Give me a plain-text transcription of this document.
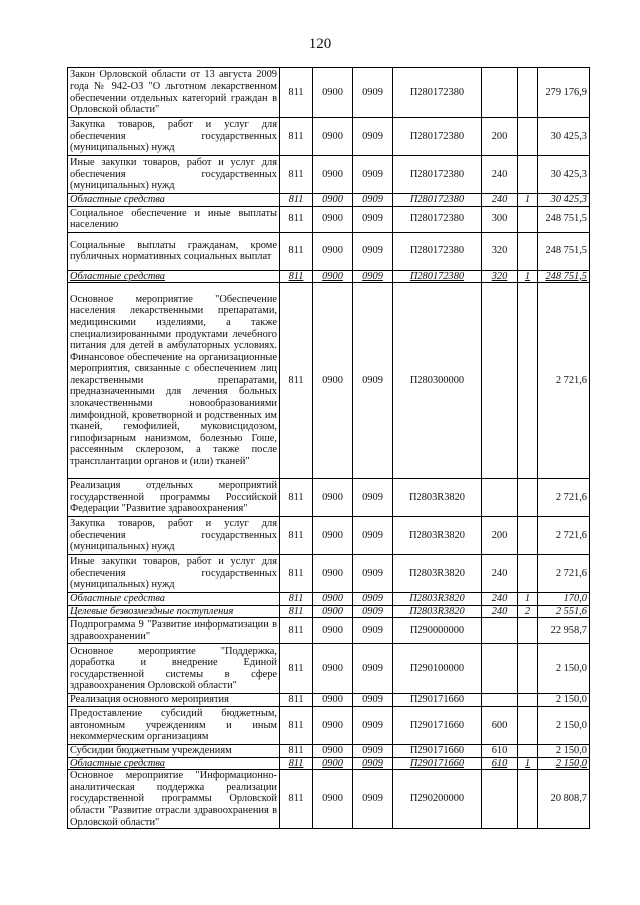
120
Закон Орловской области от 13 августа 2009 года № 942-ОЗ "О льготном лекарственном обеспечении отдельных категорий граждан в Орловской области"	811	0900	0909	П280172380			279 176,9
Закупка товаров, работ и услуг для обеспечения государственных (муниципальных) нужд	811	0900	0909	П280172380	200		30 425,3
Иные закупки товаров, работ и услуг для обеспечения государственных (муниципальных) нужд	811	0900	0909	П280172380	240		30 425,3
Областные средства	811	0900	0909	П280172380	240	1	30 425,3
Социальное обеспечение и иные выплаты населению	811	0900	0909	П280172380	300		248 751,5
Социальные выплаты гражданам, кроме публичных нормативных социальных выплат	811	0900	0909	П280172380	320		248 751,5
Областные средства	811	0900	0909	П280172380	320	1	248 751,5
Основное мероприятие "Обеспечение населения лекарственными препаратами, медицинскими изделиями, а также специализированными продуктами лечебного питания для детей в амбулаторных условиях. Финансовое обеспечение на организационные мероприятия, связанные с обеспечением лиц лекарственными препаратами, предназначенными для лечения больных злокачественными новообразованиями лимфоидной, кроветворной и родственных им тканей, гемофилией, муковисцидозом, гипофизарным нанизмом, болезнью Гоше, рассеянным склерозом, а также после трансплантации органов и (или) тканей"	811	0900	0909	П280300000			2 721,6
Реализация отдельных мероприятий государственной программы Российской Федерации "Развитие здравоохранения"	811	0900	0909	П2803R3820			2 721,6
Закупка товаров, работ и услуг для обеспечения государственных (муниципальных) нужд	811	0900	0909	П2803R3820	200		2 721,6
Иные закупки товаров, работ и услуг для обеспечения государственных (муниципальных) нужд	811	0900	0909	П2803R3820	240		2 721,6
Областные средства	811	0900	0909	П2803R3820	240	1	170,0
Целевые безвозмездные поступления	811	0900	0909	П2803R3820	240	2	2 551,6
Подпрограмма 9 "Развитие информатизации в здравоохранении"	811	0900	0909	П290000000			22 958,7
Основное мероприятие "Поддержка, доработка и внедрение Единой государственной системы в сфере здравоохранения Орловской области"	811	0900	0909	П290100000			2 150,0
Реализация основного мероприятия	811	0900	0909	П290171660			2 150,0
Предоставление субсидий бюджетным, автономным учреждениям и иным некоммерческим организациям	811	0900	0909	П290171660	600		2 150,0
Субсидии бюджетным учреждениям	811	0900	0909	П290171660	610		2 150,0
Областные средства	811	0900	0909	П290171660	610	1	2 150,0
Основное мероприятие "Информационно-аналитическая поддержка реализации государственной программы Орловской области "Развитие отрасли здравоохранения в Орловской области"	811	0900	0909	П290200000			20 808,7
